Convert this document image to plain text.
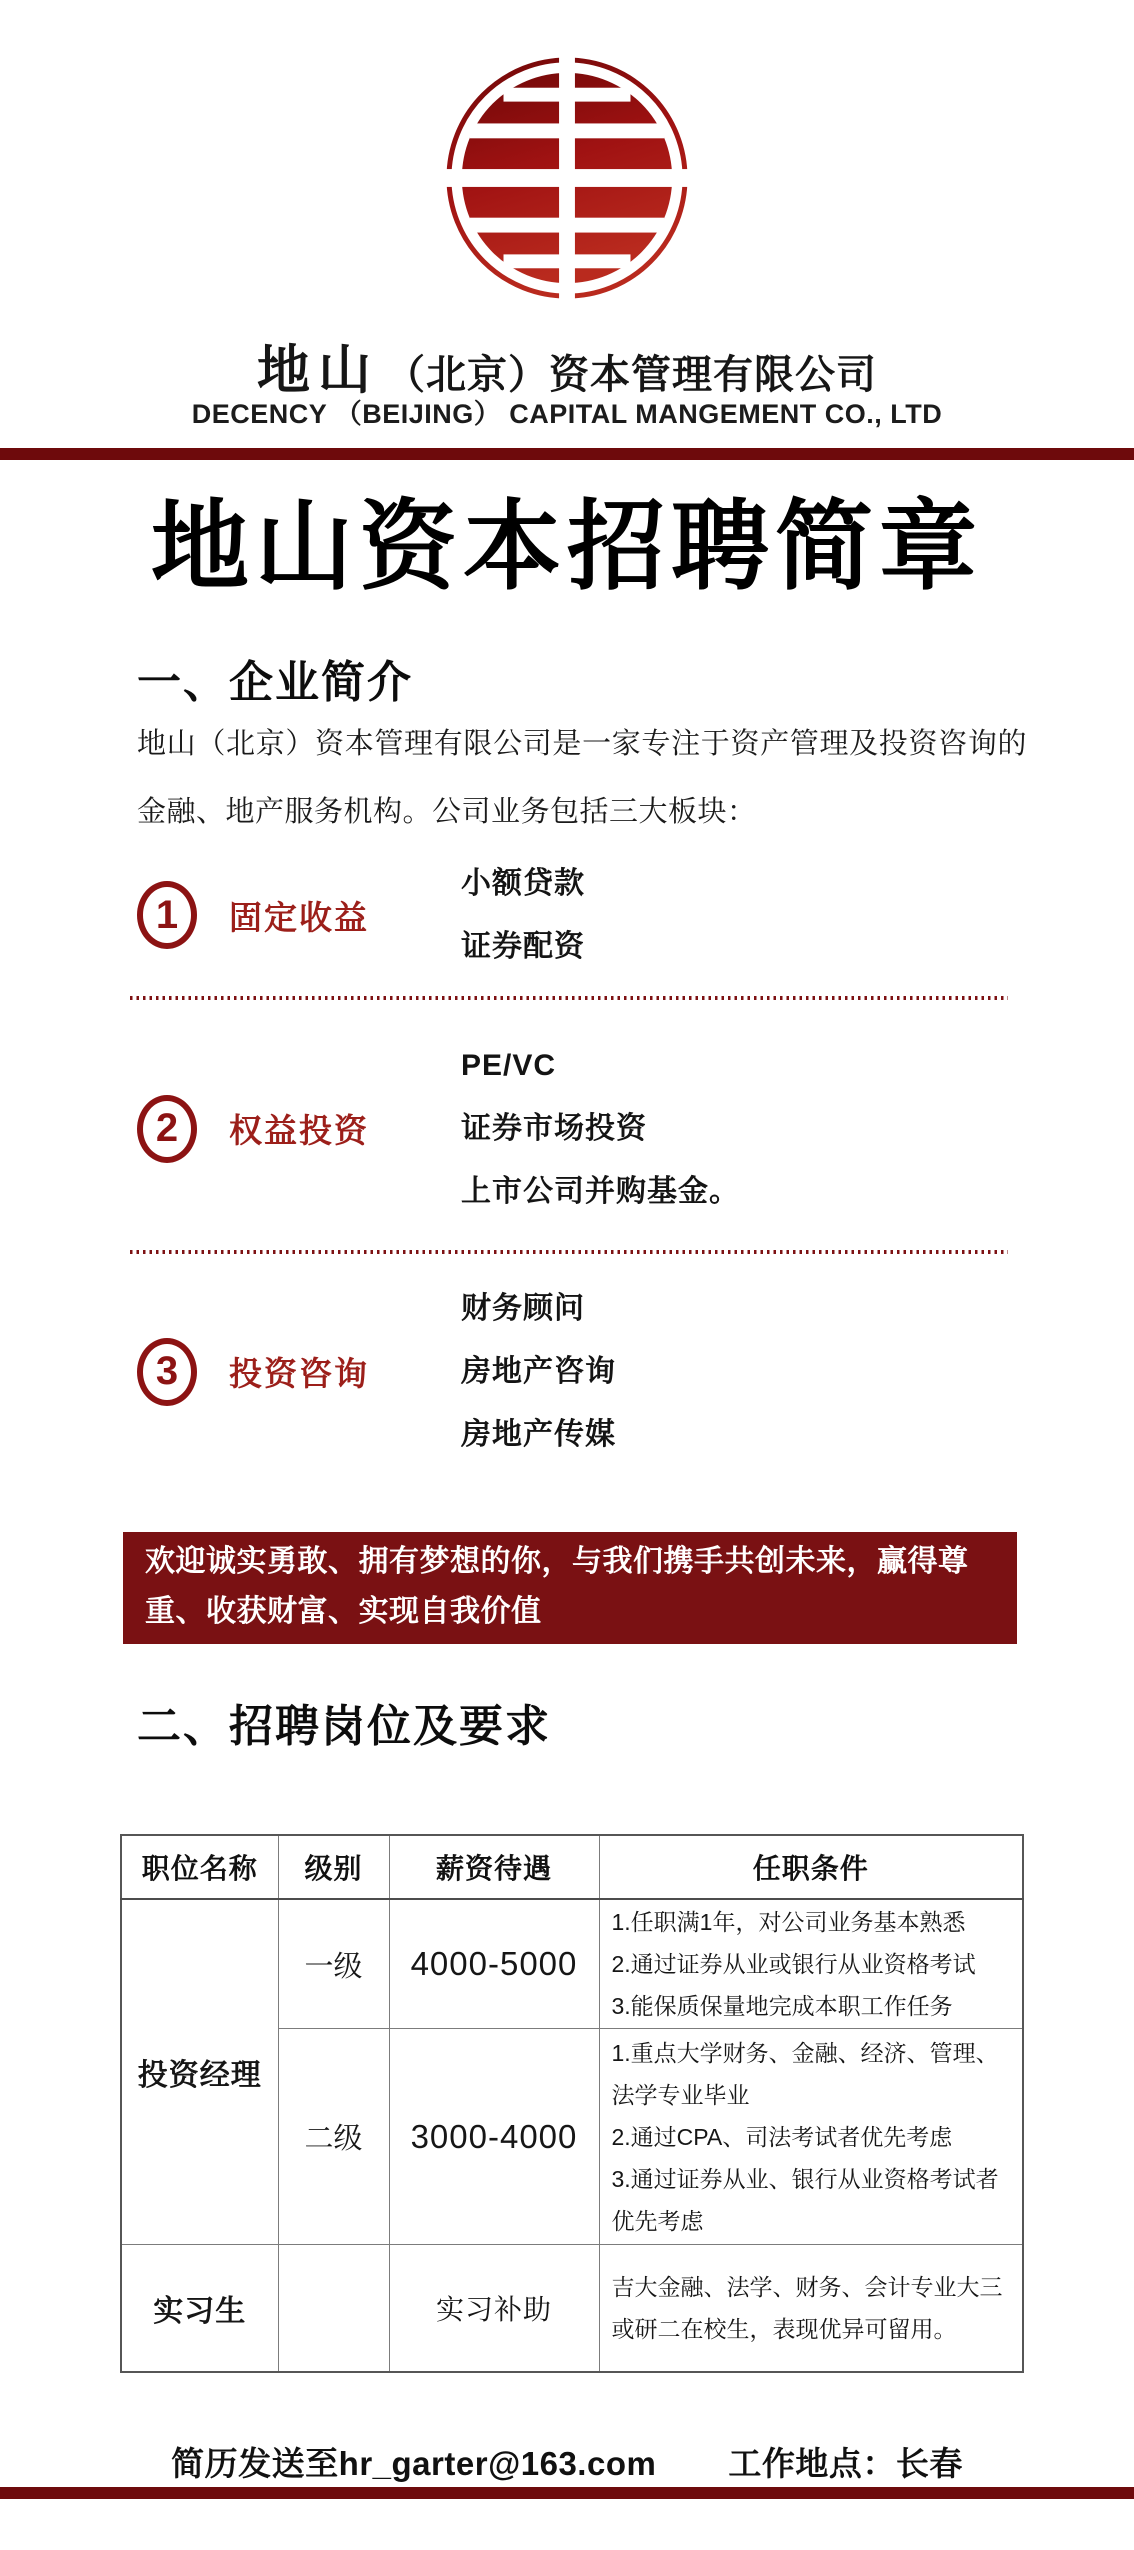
地山 （北京）资本管理有限公司
DECENCY （BEIJING） CAPITAL MANGEMENT CO., LTD
地山资本招聘简章
一、企业简介
地山（北京）资本管理有限公司是一家专注于资产管理及投资咨询的金融、地产服务机构。公司业务包括三大板块：
1	固定收益
小额贷款
证券配资
2	权益投资
PE/VC
证券市场投资
上市公司并购基金。
3	投资咨询
财务顾问
房地产咨询
房地产传媒
欢迎诚实勇敢、拥有梦想的你，与我们携手共创未来，赢得尊重、收获财富、实现自我价值
二、招聘岗位及要求
职位名称	级别	薪资待遇	任职条件
投资经理	一级	4000-5000	1.任职满1年，对公司业务基本熟悉
2.通过证券从业或银行从业资格考试
3.能保质保量地完成本职工作任务

	二级	3000-4000	1.重点大学财务、金融、经济、管理、法学专业毕业
2.通过CPA、司法考试者优先考虑
3.通过证券从业、银行从业资格考试者优先考虑

实习生		实习补助	吉大金融、法学、财务、会计专业大三或研二在校生，表现优异可留用。
简历发送至hr_garter@163.com 工作地点：长春
